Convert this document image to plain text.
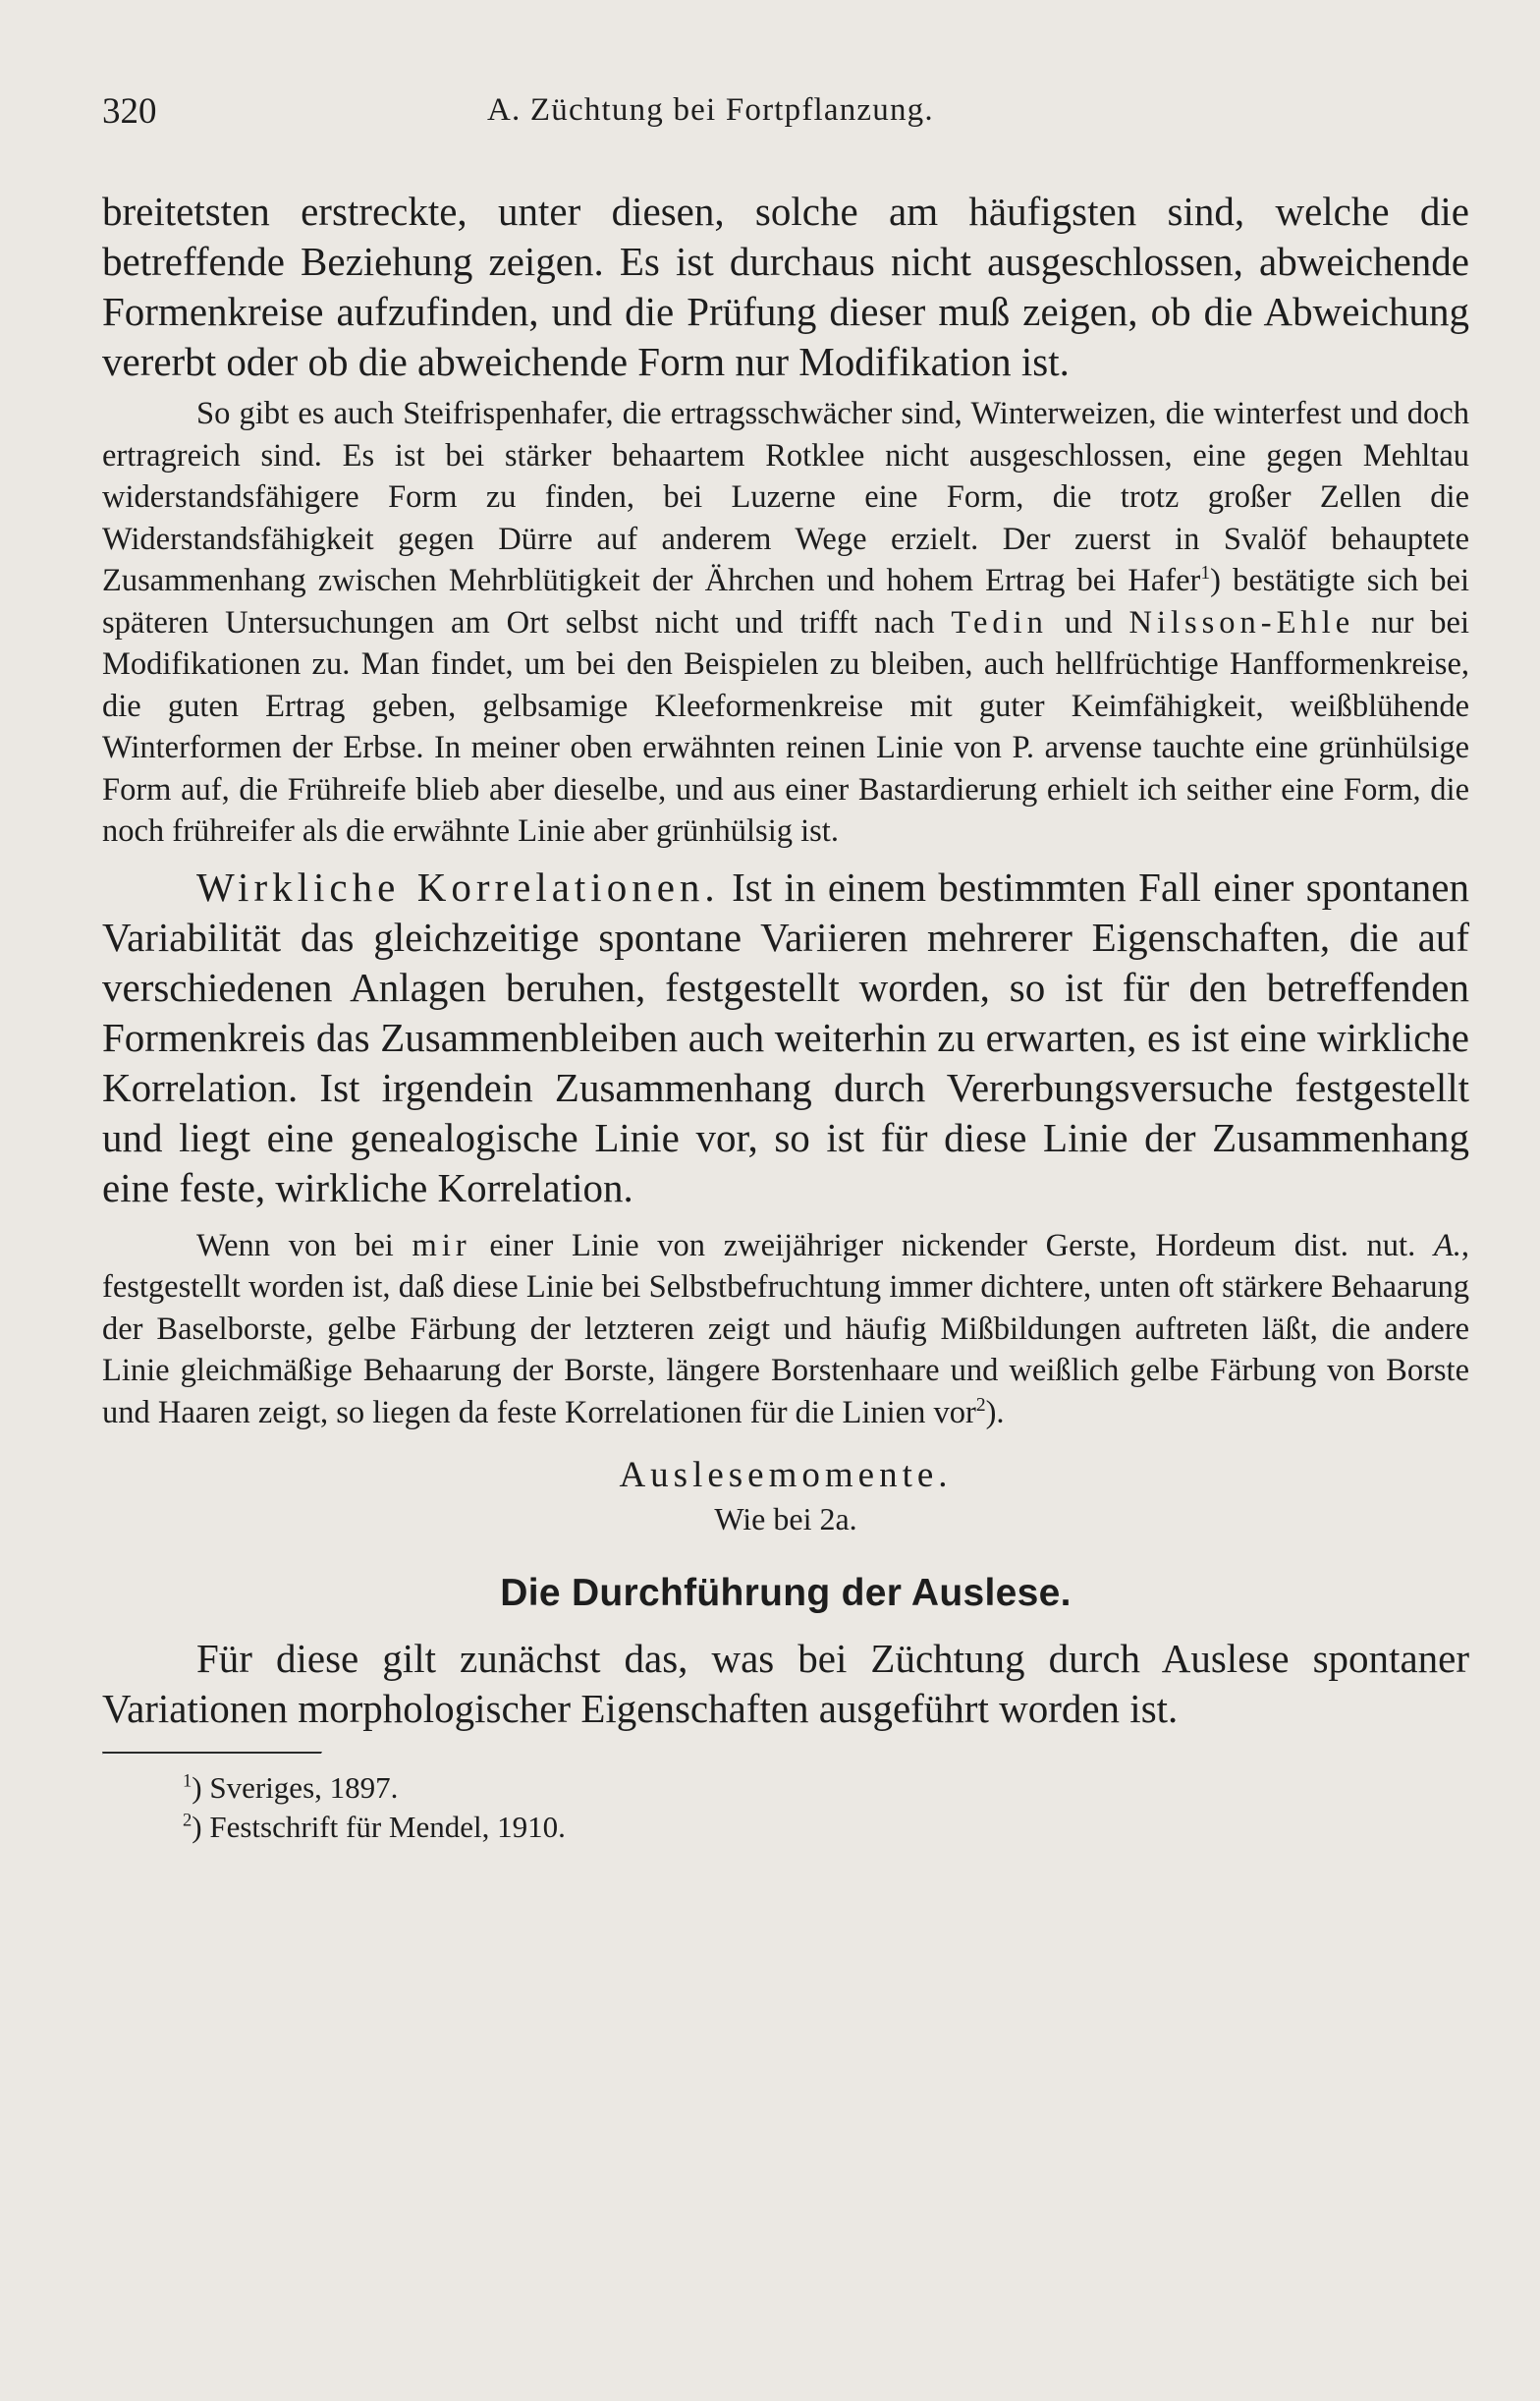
320	A. Züchtung bei Fortpflanzung.

breitetsten erstreckte, unter diesen, solche am häufigsten sind, welche die betreffende Beziehung zeigen. Es ist durchaus nicht ausgeschlossen, abweichende Formenkreise aufzufinden, und die Prüfung dieser muß zeigen, ob die Abweichung vererbt oder ob die abweichende Form nur Modifikation ist.

So gibt es auch Steifrispenhafer, die ertragsschwächer sind, Winterweizen, die winterfest und doch ertragreich sind. Es ist bei stärker behaartem Rotklee nicht ausgeschlossen, eine gegen Mehltau widerstandsfähigere Form zu finden, bei Luzerne eine Form, die trotz großer Zellen die Widerstandsfähigkeit gegen Dürre auf anderem Wege erzielt. Der zuerst in Svalöf behauptete Zusammenhang zwischen Mehrblütigkeit der Ährchen und hohem Ertrag bei Hafer$^1$) bestätigte sich bei späteren Untersuchungen am Ort selbst nicht und trifft nach Tedin und Nilsson-Ehle nur bei Modifikationen zu. Man findet, um bei den Beispielen zu bleiben, auch hellfrüchtige Hanfformenkreise, die guten Ertrag geben, gelbsamige Kleeformenkreise mit guter Keimfähigkeit, weißblühende Winterformen der Erbse. In meiner oben erwähnten reinen Linie von P. arvense tauchte eine grünhülsige Form auf, die Frühreife blieb aber dieselbe, und aus einer Bastardierung erhielt ich seither eine Form, die noch frühreifer als die erwähnte Linie aber grünhülsig ist.

Wirkliche Korrelationen. Ist in einem bestimmten Fall einer spontanen Variabilität das gleichzeitige spontane Variieren mehrerer Eigenschaften, die auf verschiedenen Anlagen beruhen, festgestellt worden, so ist für den betreffenden Formenkreis das Zusammenbleiben auch weiterhin zu erwarten, es ist eine wirkliche Korrelation. Ist irgendein Zusammenhang durch Vererbungsversuche festgestellt und liegt eine genealogische Linie vor, so ist für diese Linie der Zusammenhang eine feste, wirkliche Korrelation.

Wenn von bei mir einer Linie von zweijähriger nickender Gerste, Hordeum dist. nut. A., festgestellt worden ist, daß diese Linie bei Selbstbefruchtung immer dichtere, unten oft stärkere Behaarung der Baselborste, gelbe Färbung der letzteren zeigt und häufig Mißbildungen auftreten läßt, die andere Linie gleichmäßige Behaarung der Borste, längere Borstenhaare und weißlich gelbe Färbung von Borste und Haaren zeigt, so liegen da feste Korrelationen für die Linien vor$^2$).

Auslesemomente.
Wie bei 2a.
Die Durchführung der Auslese.

Für diese gilt zunächst das, was bei Züchtung durch Auslese spontaner Variationen morphologischer Eigenschaften ausgeführt worden ist.

$^1$) Sveriges, 1897.
$^2$) Festschrift für Mendel, 1910.
